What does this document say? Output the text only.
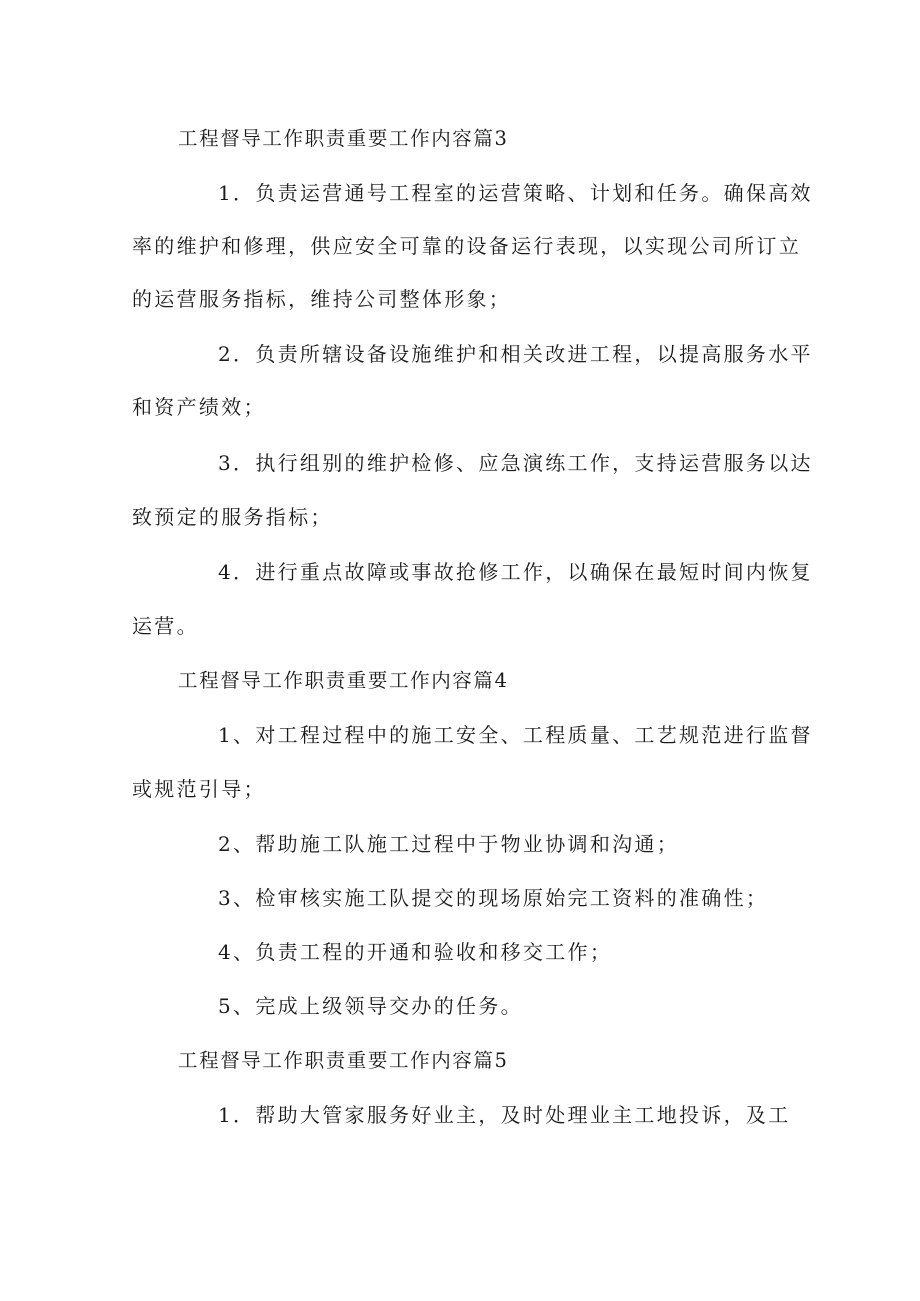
工程督导工作职责重要工作内容篇3
1．负责运营通号工程室的运营策略、计划和任务。确保高效
率的维护和修理，供应安全可靠的设备运行表现，以实现公司所订立
的运营服务指标，维持公司整体形象；
2．负责所辖设备设施维护和相关改进工程，以提高服务水平
和资产绩效；
3．执行组别的维护检修、应急演练工作，支持运营服务以达
致预定的服务指标；
4．进行重点故障或事故抢修工作，以确保在最短时间内恢复
运营。
工程督导工作职责重要工作内容篇4
1、对工程过程中的施工安全、工程质量、工艺规范进行监督
或规范引导；
2、帮助施工队施工过程中于物业协调和沟通；
3、检审核实施工队提交的现场原始完工资料的准确性；
4、负责工程的开通和验收和移交工作；
5、完成上级领导交办的任务。
工程督导工作职责重要工作内容篇5
1．帮助大管家服务好业主，及时处理业主工地投诉，及工
